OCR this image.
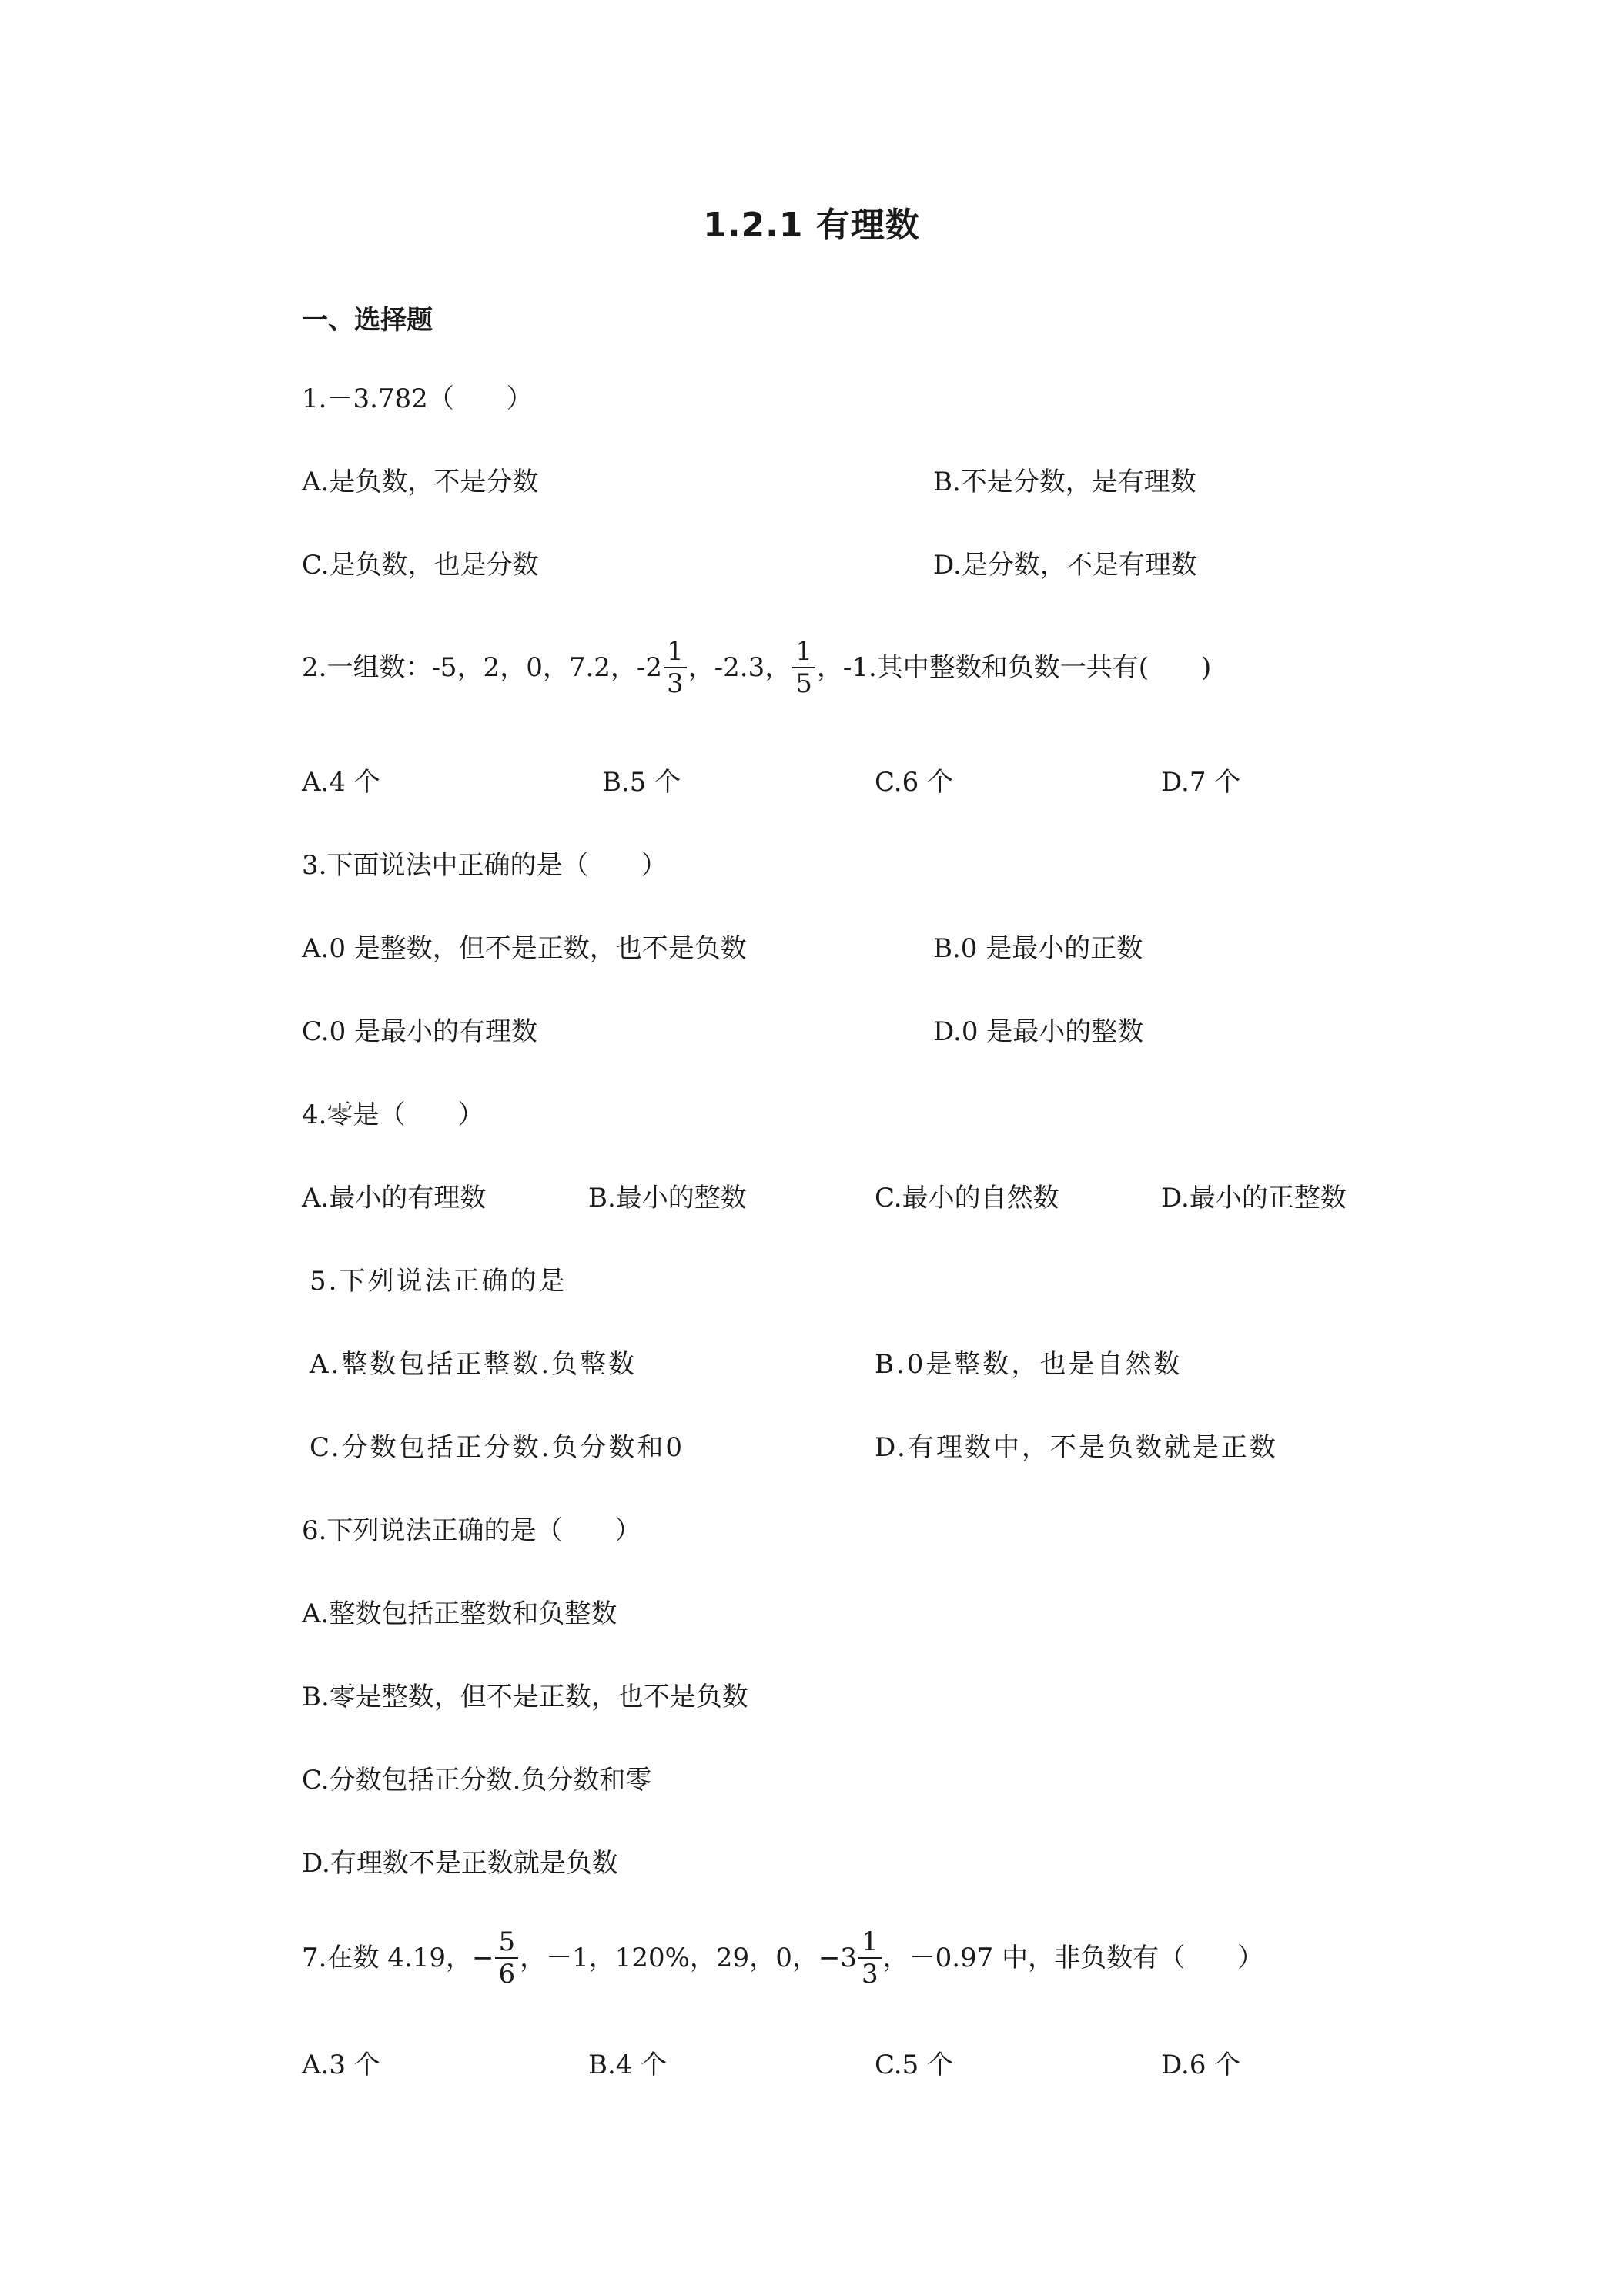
1.2.1 有理数
一、选择题
1.－3.782（　　）
A.是负数，不是分数	B.不是分数，是有理数
C.是负数，也是分数	D.是分数，不是有理数
2.一组数：-5，2，0，7.2，$-2 \frac{1}{3}$ ，-2.3， $\frac{1}{5}$ ，-1.其中整数和负数一共有(　　)
A.4 个	B.5 个	C.6 个	D.7 个
3.下面说法中正确的是（　　）
A.0 是整数，但不是正数，也不是负数	B.0 是最小的正数
C.0 是最小的有理数	D.0 是最小的整数
4.零是（　　）
A.最小的有理数	B.最小的整数	C.最小的自然数	D.最小的正整数
5.下列说法正确的是
A.整数包括正整数.负整数	B.0是整数，也是自然数
C.分数包括正分数.负分数和0	D.有理数中，不是负数就是正数
6.下列说法正确的是（　　）
A.整数包括正整数和负整数
B.零是整数，但不是正数，也不是负数
C.分数包括正分数.负分数和零
D.有理数不是正数就是负数
7.在数 4.19， − $\frac{5}{6}$ ，－1，120%，29，0， $-3 \frac{1}{3}$ ，－0.97 中，非负数有（　　）
A.3 个	B.4 个	C.5 个	D.6 个
